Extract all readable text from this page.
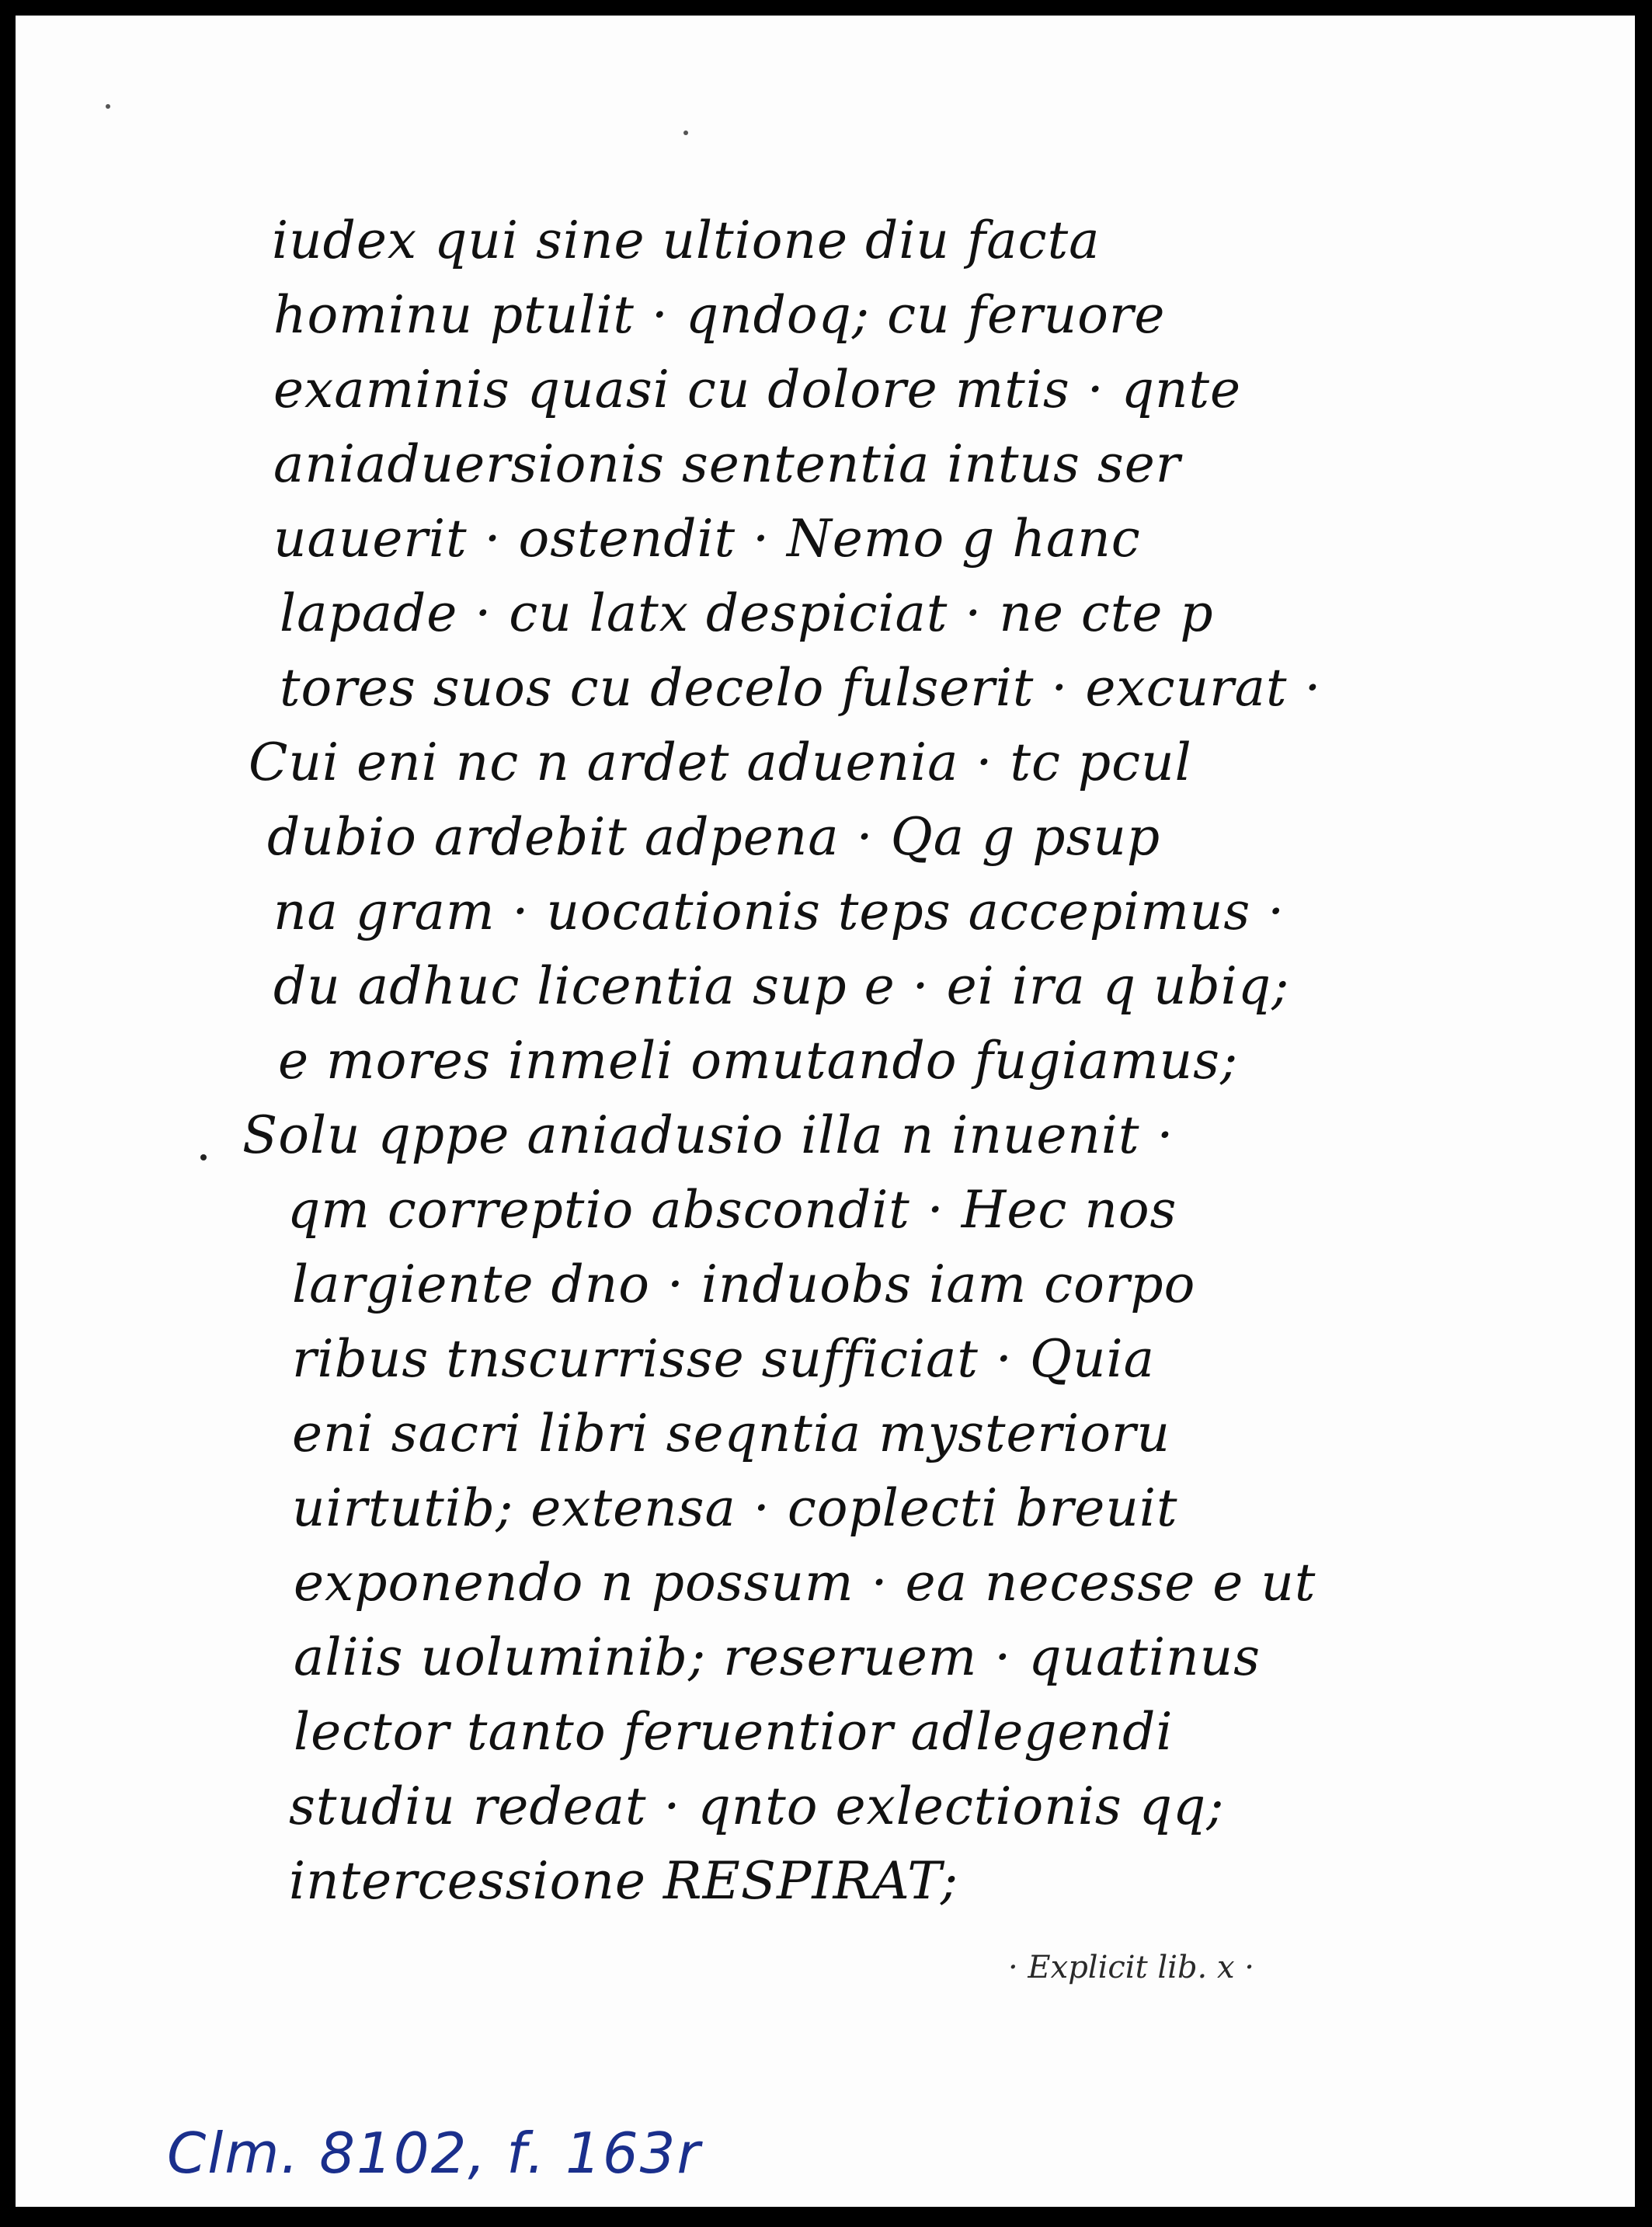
iudex qui sine ultione diu facta
hominu ptulit · qndoq; cu feruore
examinis quasi cu dolore mtis · qnte
aniaduersionis sententia intus ser
uauerit · ostendit · Nemo g hanc
lapade · cu latx despiciat · ne cte p
tores suos cu decelo fulserit · excurat ·
Cui eni nc n ardet aduenia · tc pcul
dubio ardebit adpena · Qa g psup
na gram · uocationis teps accepimus ·
du adhuc licentia sup e · ei ira q ubiq;
e mores inmeli omutando fugiamus;
Solu qppe aniadusio illa n inuenit ·
qm correptio abscondit · Hec nos
largiente dno · induobs iam corpo
ribus tnscurrisse sufficiat · Quia
eni sacri libri seqntia mysterioru
uirtutib; extensa · coplecti breuit
exponendo n possum · ea necesse e ut
aliis uoluminib; reseruem · quatinus
lector tanto feruentior adlegendi
studiu redeat · qnto exlectionis qq;
intercessione RESPIRAT;
· Explicit lib. x ·
Clm. 8102, f. 163r
